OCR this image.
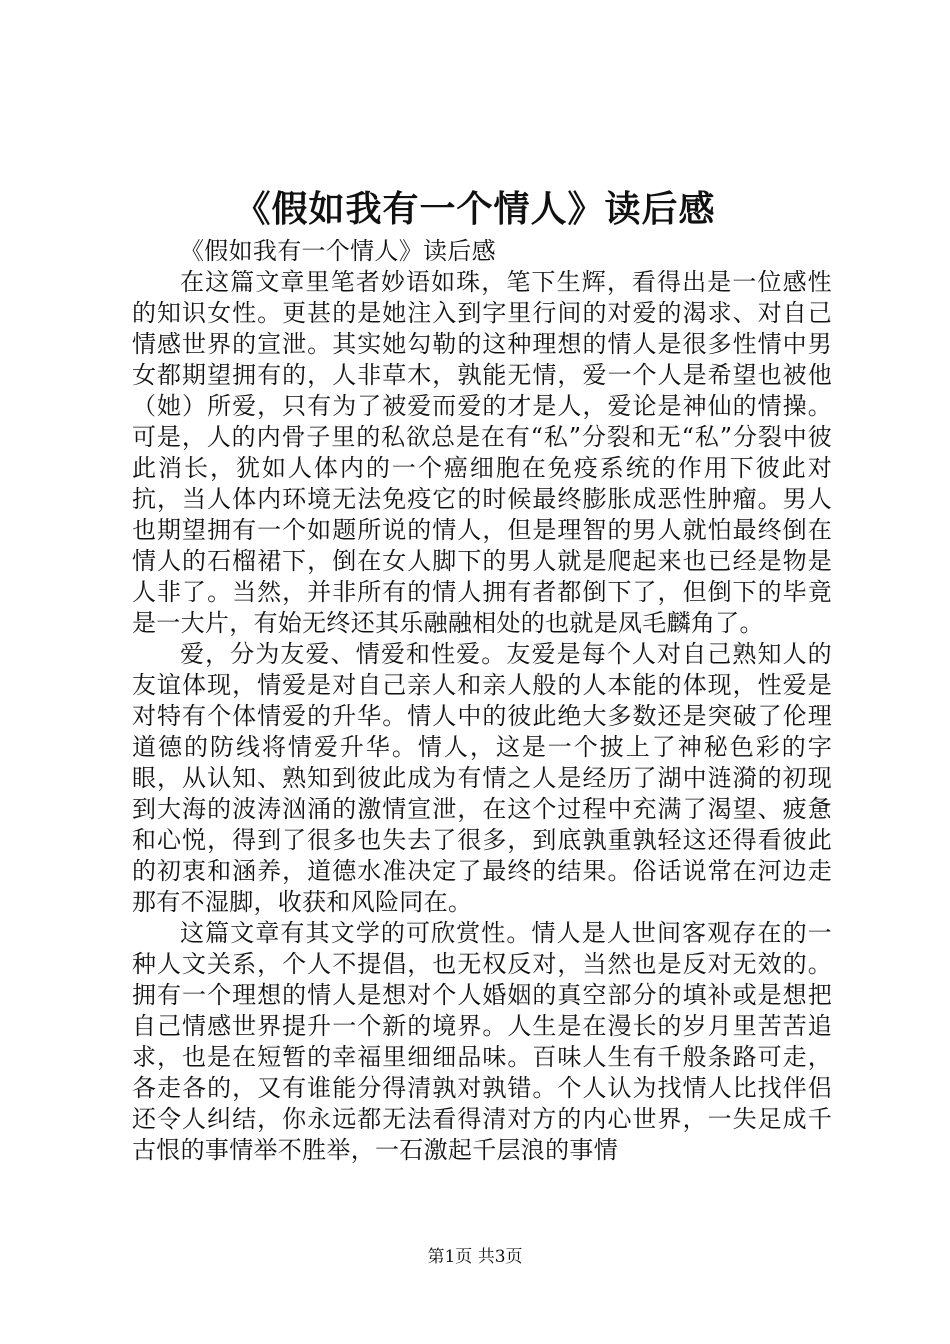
《假如我有一个情人》读后感

《假如我有一个情人》读后感

在这篇文章里笔者妙语如珠，笔下生辉，看得出是一位感性的知识女性。更甚的是她注入到字里行间的对爱的渴求、对自己情感世界的宣泄。其实她勾勒的这种理想的情人是很多性情中男女都期望拥有的，人非草木，孰能无情，爱一个人是希望也被他（她）所爱，只有为了被爱而爱的才是人，爱论是神仙的情操。可是，人的内骨子里的私欲总是在有“私”分裂和无“私”分裂中彼此消长，犹如人体内的一个癌细胞在免疫系统的作用下彼此对抗，当人体内环境无法免疫它的时候最终膨胀成恶性肿瘤。男人也期望拥有一个如题所说的情人，但是理智的男人就怕最终倒在情人的石榴裙下，倒在女人脚下的男人就是爬起来也已经是物是人非了。当然，并非所有的情人拥有者都倒下了，但倒下的毕竟是一大片，有始无终还其乐融融相处的也就是凤毛麟角了。

爱，分为友爱、情爱和性爱。友爱是每个人对自己熟知人的友谊体现，情爱是对自己亲人和亲人般的人本能的体现，性爱是对特有个体情爱的升华。情人中的彼此绝大多数还是突破了伦理道德的防线将情爱升华。情人，这是一个披上了神秘色彩的字眼，从认知、熟知到彼此成为有情之人是经历了湖中涟漪的初现到大海的波涛汹涌的激情宣泄，在这个过程中充满了渴望、疲惫和心悦，得到了很多也失去了很多，到底孰重孰轻这还得看彼此的初衷和涵养，道德水准决定了最终的结果。俗话说常在河边走那有不湿脚，收获和风险同在。

这篇文章有其文学的可欣赏性。情人是人世间客观存在的一种人文关系，个人不提倡，也无权反对，当然也是反对无效的。拥有一个理想的情人是想对个人婚姻的真空部分的填补或是想把自己情感世界提升一个新的境界。人生是在漫长的岁月里苦苦追求，也是在短暂的幸福里细细品味。百味人生有千般条路可走，各走各的，又有谁能分得清孰对孰错。个人认为找情人比找伴侣还令人纠结，你永远都无法看得清对方的内心世界，一失足成千古恨的事情举不胜举，一石激起千层浪的事情

第1页 共3页
